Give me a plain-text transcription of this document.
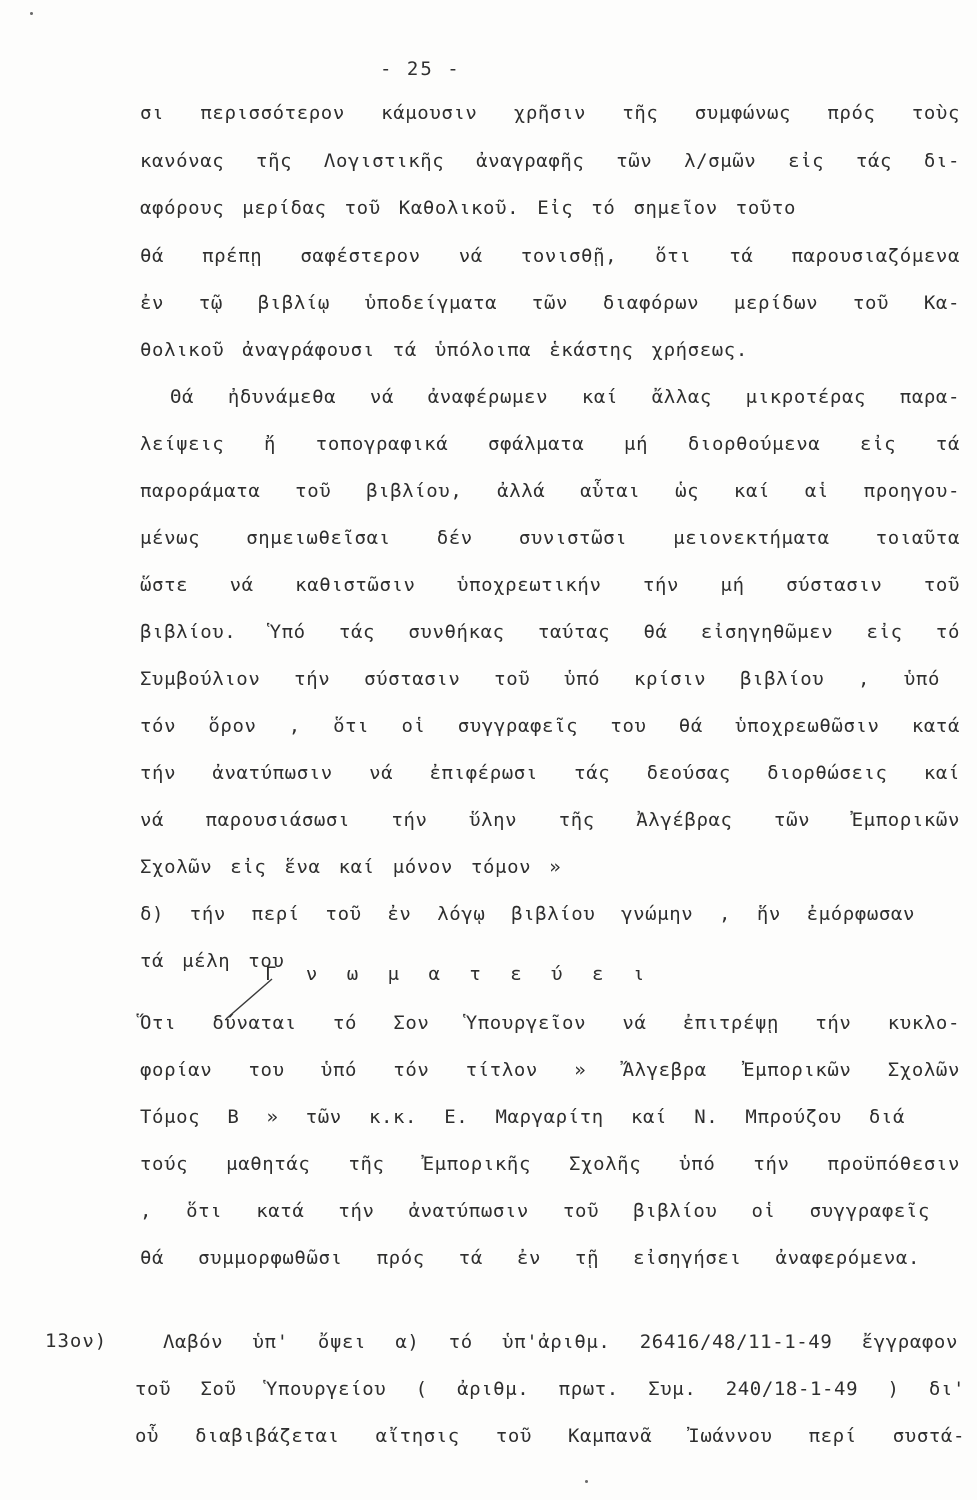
- 25 -
σι περισσότερον κάμουσιν χρῆσιν τῆς συμφώνως πρός τοὺς
κανόνας τῆς Λογιστικῆς ἀναγραφῆς τῶν λ/σμῶν εἰς τάς δι-
αφόρους μερίδας τοῦ Καθολικοῦ. Εἰς τό σημεῖον τοῦτο
θά πρέπῃ σαφέστερον νά τονισθῇ, ὅτι τά παρουσιαζόμενα
ἐν τῷ βιβλίῳ ὑποδείγματα τῶν διαφόρων μερίδων τοῦ Κα-
θολικοῦ ἀναγράφουσι τά ὑπόλοιπα ἑκάστης χρήσεως.
Θά ἠδυνάμεθα νά ἀναφέρωμεν καί ἄλλας μικροτέρας παρα-
λείψεις ἤ τοπογραφικά σφάλματα μή διορθούμενα εἰς τά
παροράματα τοῦ βιβλίου, ἀλλά αὗται ὡς καί αἱ προηγου-
μένως σημειωθεῖσαι δέν συνιστῶσι μειονεκτήματα τοιαῦτα
ὥστε νά καθιστῶσιν ὑποχρεωτικήν τήν μή σύστασιν τοῦ
βιβλίου. Ὑπό τάς συνθήκας ταύτας θά εἰσηγηθῶμεν εἰς τό
Συμβούλιον τήν σύστασιν τοῦ ὑπό κρίσιν βιβλίου , ὑπό
τόν ὅρον , ὅτι οἱ συγγραφεῖς του θά ὑποχρεωθῶσιν κατά
τήν ἀνατύπωσιν νά ἐπιφέρωσι τάς δεούσας διορθώσεις καί
νά παρουσιάσωσι τήν ὕλην τῆς Ἀλγέβρας τῶν Ἐμπορικῶν
Σχολῶν εἰς ἕνα καί μόνον τόμον »
δ) τήν περί τοῦ ἐν λόγῳ βιβλίου γνώμην , ἥν ἐμόρφωσαν
τά μέλη του
Γ ν ω μ α τ ε ύ ε ι
Ὅτι δύναται τό Σον Ὑπουργεῖον νά ἐπιτρέψῃ τήν κυκλο-
φορίαν του ὑπό τόν τίτλον » Ἄλγεβρα Ἐμπορικῶν Σχολῶν
Τόμος Β » τῶν κ.κ. Ε. Μαργαρίτη καί Ν. Μπρούζου διά
τούς μαθητάς τῆς Ἐμπορικῆς Σχολῆς ὑπό τήν προϋπόθεσιν
, ὅτι κατά τήν ἀνατύπωσιν τοῦ βιβλίου οἱ συγγραφεῖς
θά συμμορφωθῶσι πρός τά ἐν τῇ εἰσηγήσει ἀναφερόμενα.
13ον)	Λαβόν ὑπ' ὄψει α) τό ὑπ'ἀριθμ. 26416/48/11-1-49 ἔγγραφον
τοῦ Σοῦ Ὑπουργείου ( ἀριθμ. πρωτ. Συμ. 240/18-1-49 ) δι'
οὗ διαβιβάζεται αἴτησις τοῦ Καμπανᾶ Ἰωάννου περί συστά-
